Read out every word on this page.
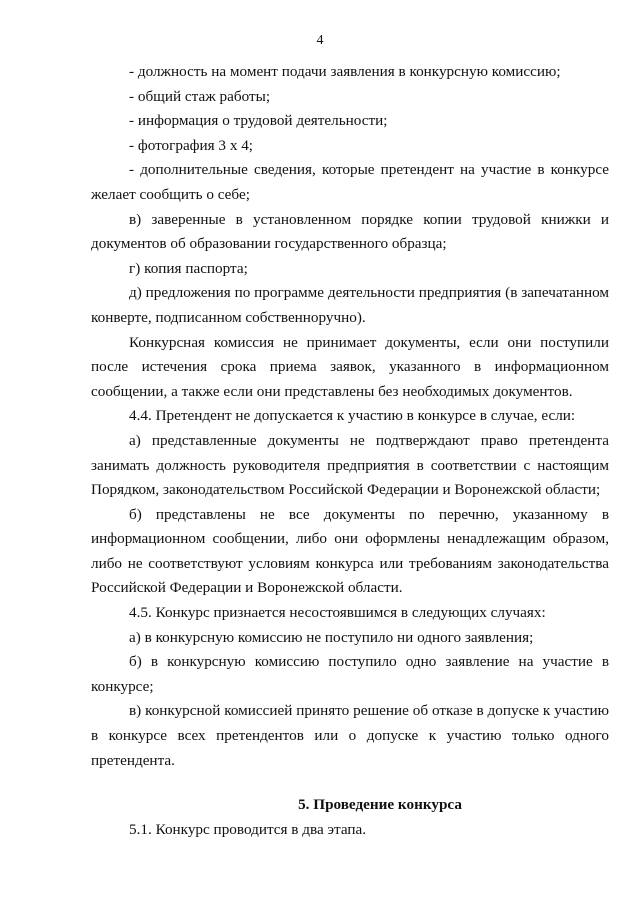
4

- должность на момент подачи заявления в конкурсную комиссию;

- общий стаж работы;

- информация о трудовой деятельности;

- фотография 3 х 4;

- дополнительные сведения, которые претендент на участие в конкурсе желает сообщить о себе;

в) заверенные в установленном порядке копии трудовой книжки и документов об образовании государственного образца;

г) копия паспорта;

д) предложения по программе деятельности предприятия (в запечатанном конверте, подписанном собственноручно).

Конкурсная комиссия не принимает документы, если они поступили после истечения срока приема заявок, указанного в информационном сообщении, а также если они представлены без необходимых документов.

4.4. Претендент не допускается к участию в конкурсе в случае, если:

а) представленные документы не подтверждают право претендента занимать должность руководителя предприятия в соответствии с настоящим Порядком, законодательством Российской Федерации и Воронежской области;

б) представлены не все документы по перечню, указанному в информационном сообщении, либо они оформлены ненадлежащим образом, либо не соответствуют условиям конкурса или требованиям законодательства Российской Федерации и Воронежской области.

4.5. Конкурс признается несостоявшимся в следующих случаях:

а) в конкурсную комиссию не поступило ни одного заявления;

б) в конкурсную комиссию поступило одно заявление на участие в конкурсе;

в) конкурсной комиссией принято решение об отказе в допуске к участию в конкурсе всех претендентов или о допуске к участию только одного претендента.

5. Проведение конкурса

5.1. Конкурс проводится в два этапа.
